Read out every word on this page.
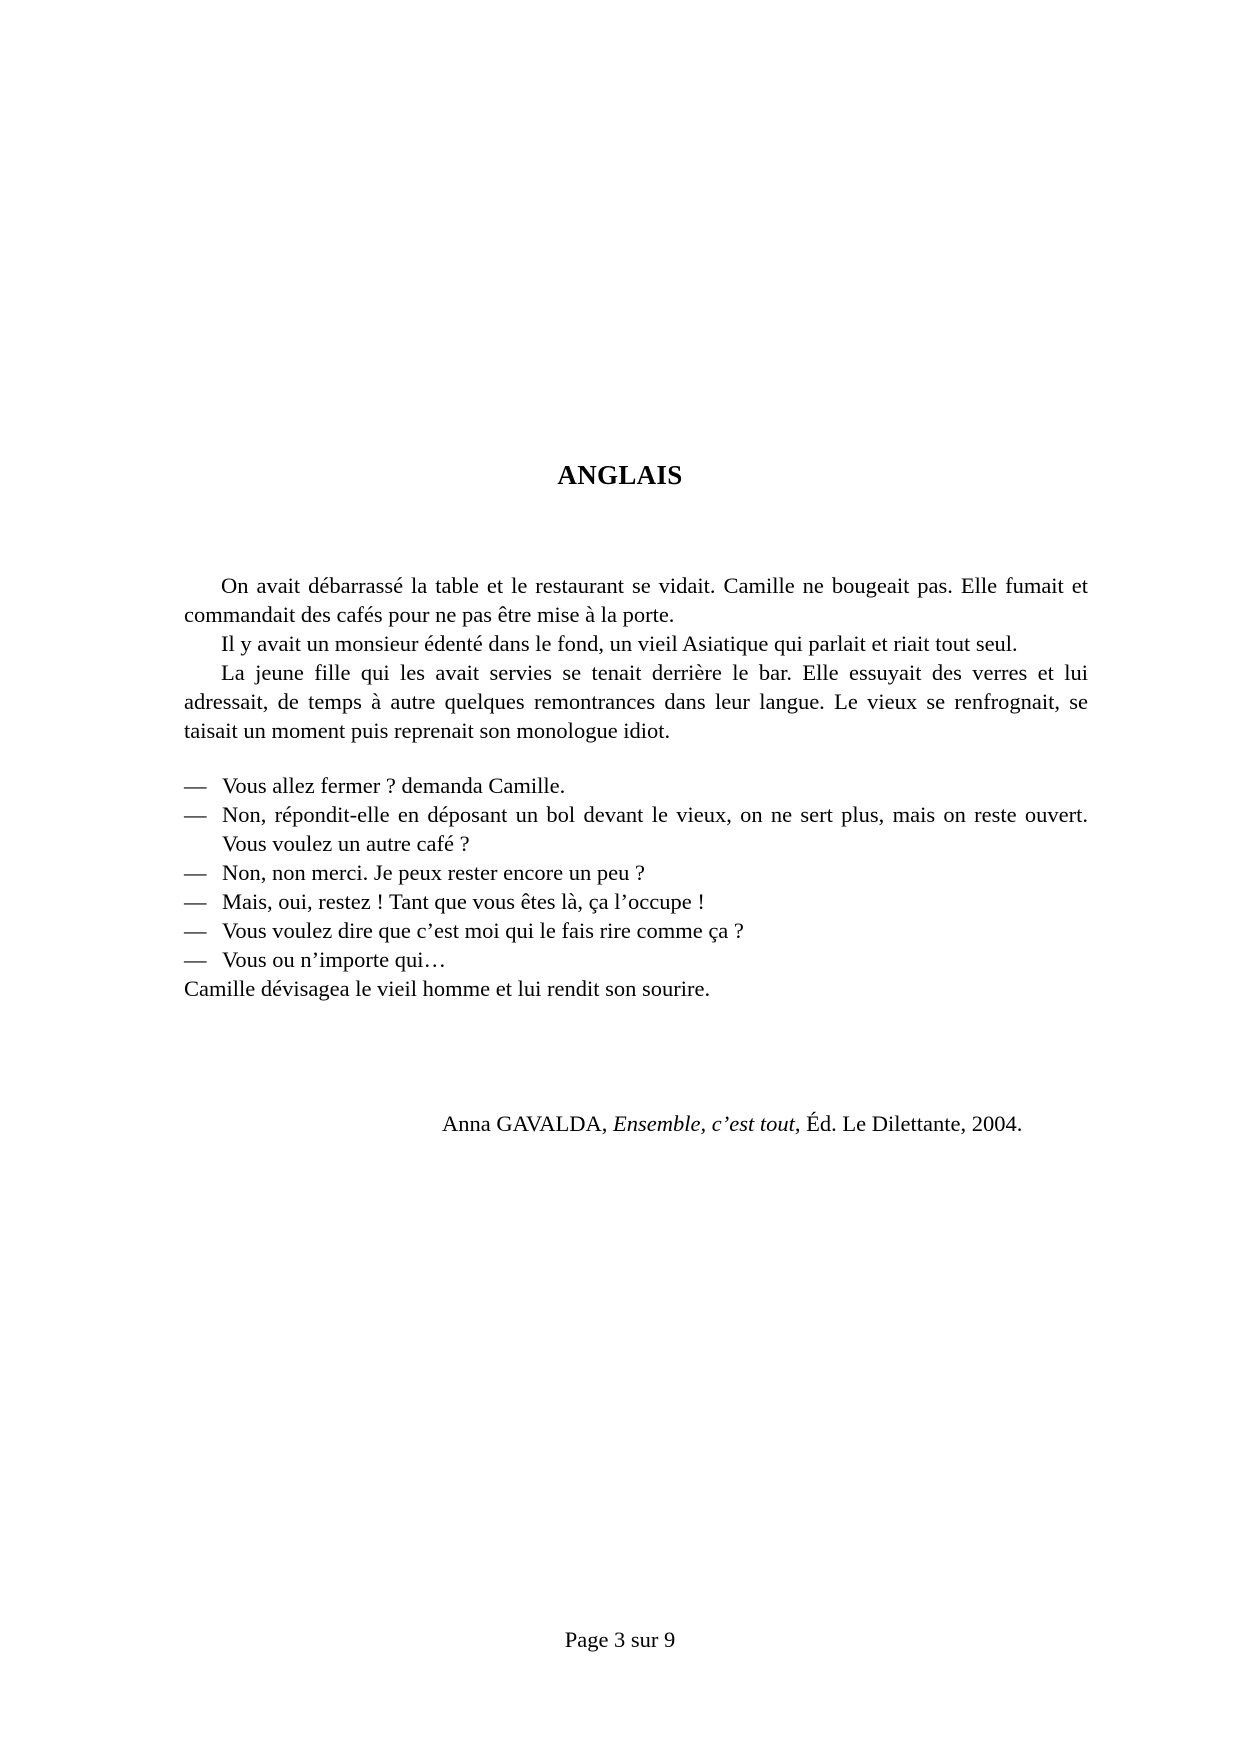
ANGLAIS

On avait débarrassé la table et le restaurant se vidait. Camille ne bougeait pas. Elle fumait et commandait des cafés pour ne pas être mise à la porte.

Il y avait un monsieur édenté dans le fond, un vieil Asiatique qui parlait et riait tout seul.

La jeune fille qui les avait servies se tenait derrière le bar. Elle essuyait des verres et lui adressait, de temps à autre quelques remontrances dans leur langue. Le vieux se renfrognait, se taisait un moment puis reprenait son monologue idiot.

— Vous allez fermer ? demanda Camille.
— Non, répondit-elle en déposant un bol devant le vieux, on ne sert plus, mais on reste ouvert. Vous voulez un autre café ?
— Non, non merci. Je peux rester encore un peu ?
— Mais, oui, restez ! Tant que vous êtes là, ça l’occupe !
— Vous voulez dire que c’est moi qui le fais rire comme ça ?
— Vous ou n’importe qui…

Camille dévisagea le vieil homme et lui rendit son sourire.

Anna GAVALDA, Ensemble, c’est tout, Éd. Le Dilettante, 2004.
Page 3 sur 9
